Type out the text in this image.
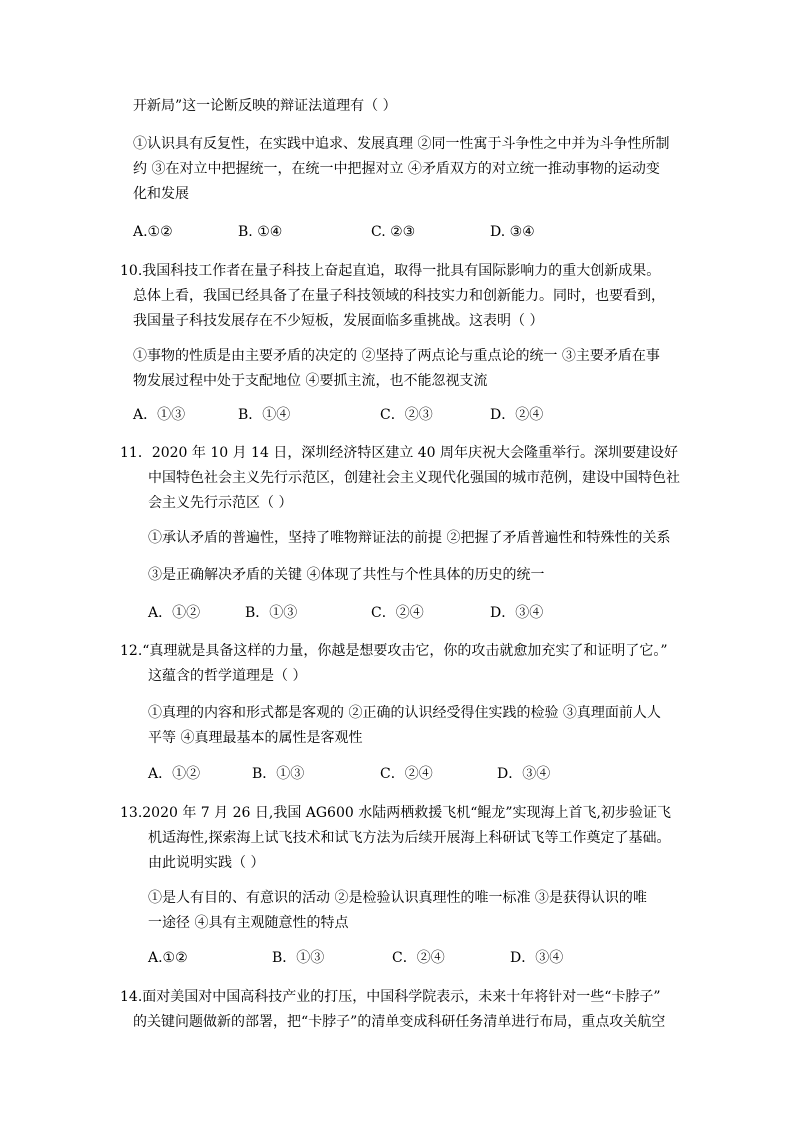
开新局”这一论断反映的辩证法道理有（ ）
①认识具有反复性，在实践中追求、发展真理 ②同一性寓于斗争性之中并为斗争性所制
约 ③在对立中把握统一，在统一中把握对立 ④矛盾双方的对立统一推动事物的运动变
化和发展
A.①②	B. ①④	C. ②③	D. ③④
10.我国科技工作者在量子科技上奋起直追，取得一批具有国际影响力的重大创新成果。
总体上看，我国已经具备了在量子科技领域的科技实力和创新能力。同时，也要看到，
我国量子科技发展存在不少短板，发展面临多重挑战。这表明（ ）
①事物的性质是由主要矛盾的决定的 ②坚持了两点论与重点论的统一 ③主要矛盾在事
物发展过程中处于支配地位 ④要抓主流，也不能忽视支流
A．①③	B．①④	C．②③	D．②④
11．2020 年 10 月 14 日，深圳经济特区建立 40 周年庆祝大会隆重举行。深圳要建设好
中国特色社会主义先行示范区，创建社会主义现代化强国的城市范例，建设中国特色社
会主义先行示范区（ ）
①承认矛盾的普遍性，坚持了唯物辩证法的前提 ②把握了矛盾普遍性和特殊性的关系
③是正确解决矛盾的关键 ④体现了共性与个性具体的历史的统一
A．①②	B．①③	C．②④	D．③④
12.“真理就是具备这样的力量，你越是想要攻击它，你的攻击就愈加充实了和证明了它。”
这蕴含的哲学道理是（ ）
①真理的内容和形式都是客观的 ②正确的认识经受得住实践的检验 ③真理面前人人
平等 ④真理最基本的属性是客观性
A．①②	B．①③	C．②④	D．③④
13.2020 年 7 月 26 日,我国 AG600 水陆两栖救援飞机“鲲龙”实现海上首飞,初步验证飞
机适海性,探索海上试飞技术和试飞方法为后续开展海上科研试飞等工作奠定了基础。
由此说明实践（ ）
①是人有目的、有意识的活动 ②是检验认识真理性的唯一标准 ③是获得认识的唯
一途径 ④具有主观随意性的特点
A.①②	B．①③	C．②④	D．③④
14.面对美国对中国高科技产业的打压，中国科学院表示，未来十年将针对一些“卡脖子”
的关键问题做新的部署，把“卡脖子”的清单变成科研任务清单进行布局，重点攻关航空
